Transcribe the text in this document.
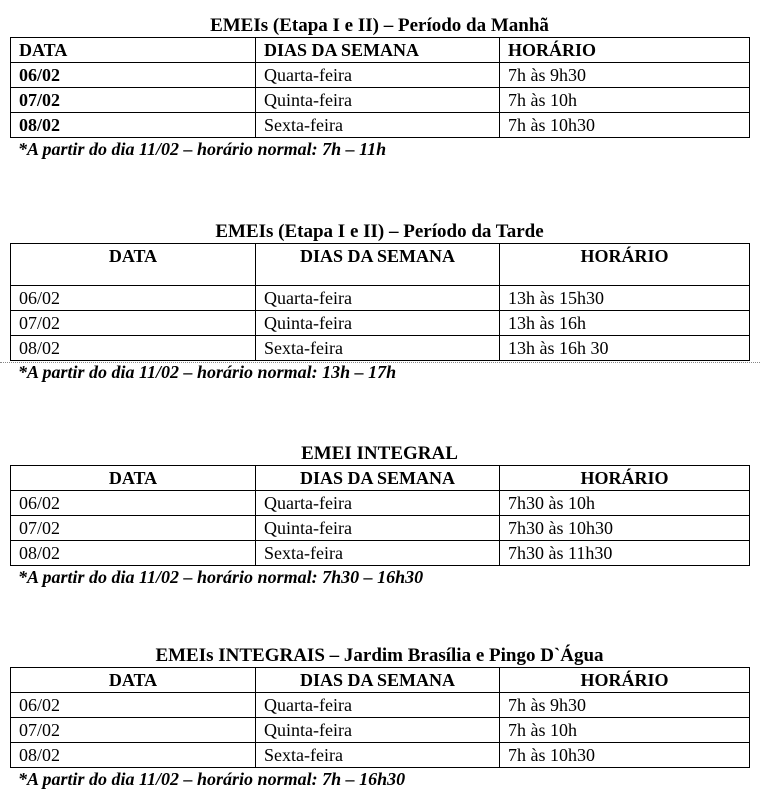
EMEIs (Etapa I e II) – Período da Manhã
DATA	DIAS DA SEMANA	HORÁRIO
06/02	Quarta-feira	7h às 9h30
07/02	Quinta-feira	7h às 10h
08/02	Sexta-feira	7h às 10h30
*A partir do dia 11/02 – horário normal: 7h – 11h
EMEIs (Etapa I e II) – Período da Tarde
DATA	DIAS DA SEMANA	HORÁRIO
06/02	Quarta-feira	13h às 15h30
07/02	Quinta-feira	13h às 16h
08/02	Sexta-feira	13h às 16h 30
*A partir do dia 11/02 – horário normal: 13h – 17h
EMEI INTEGRAL
DATA	DIAS DA SEMANA	HORÁRIO
06/02	Quarta-feira	7h30 às 10h
07/02	Quinta-feira	7h30 às 10h30
08/02	Sexta-feira	7h30 às 11h30
*A partir do dia 11/02 – horário normal: 7h30 – 16h30
EMEIs INTEGRAIS – Jardim Brasília e Pingo D`Água
DATA	DIAS DA SEMANA	HORÁRIO
06/02	Quarta-feira	7h às 9h30
07/02	Quinta-feira	7h às 10h
08/02	Sexta-feira	7h às 10h30
*A partir do dia 11/02 – horário normal: 7h – 16h30
